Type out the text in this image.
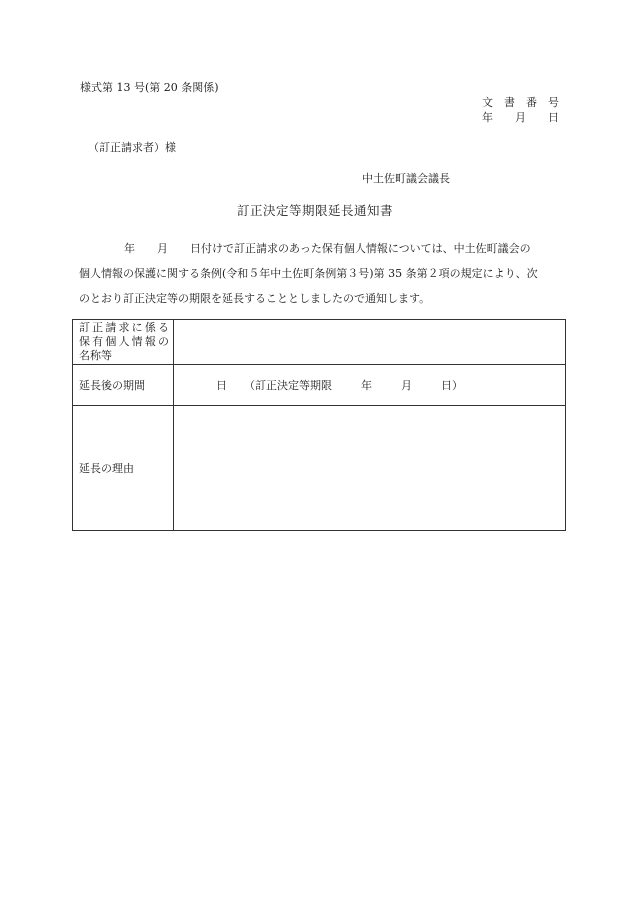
様式第 13 号(第 20 条関係)
文　書　番　号
年　　月　　日
（訂正請求者）様
中土佐町議会議長
訂正決定等期限延長通知書
年　　月　　日付けで訂正請求のあった保有個人情報については、中土佐町議会の
個人情報の保護に関する条例(令和５年中土佐町条例第３号)第 35 条第２項の規定により、次
のとおり訂正決定等の期限を延長することとしましたので通知します。
訂正請求に係る
保有個人情報の
名称等	

延長後の期間	日 （訂正決定等期限 年 月 日）
延長の理由	
